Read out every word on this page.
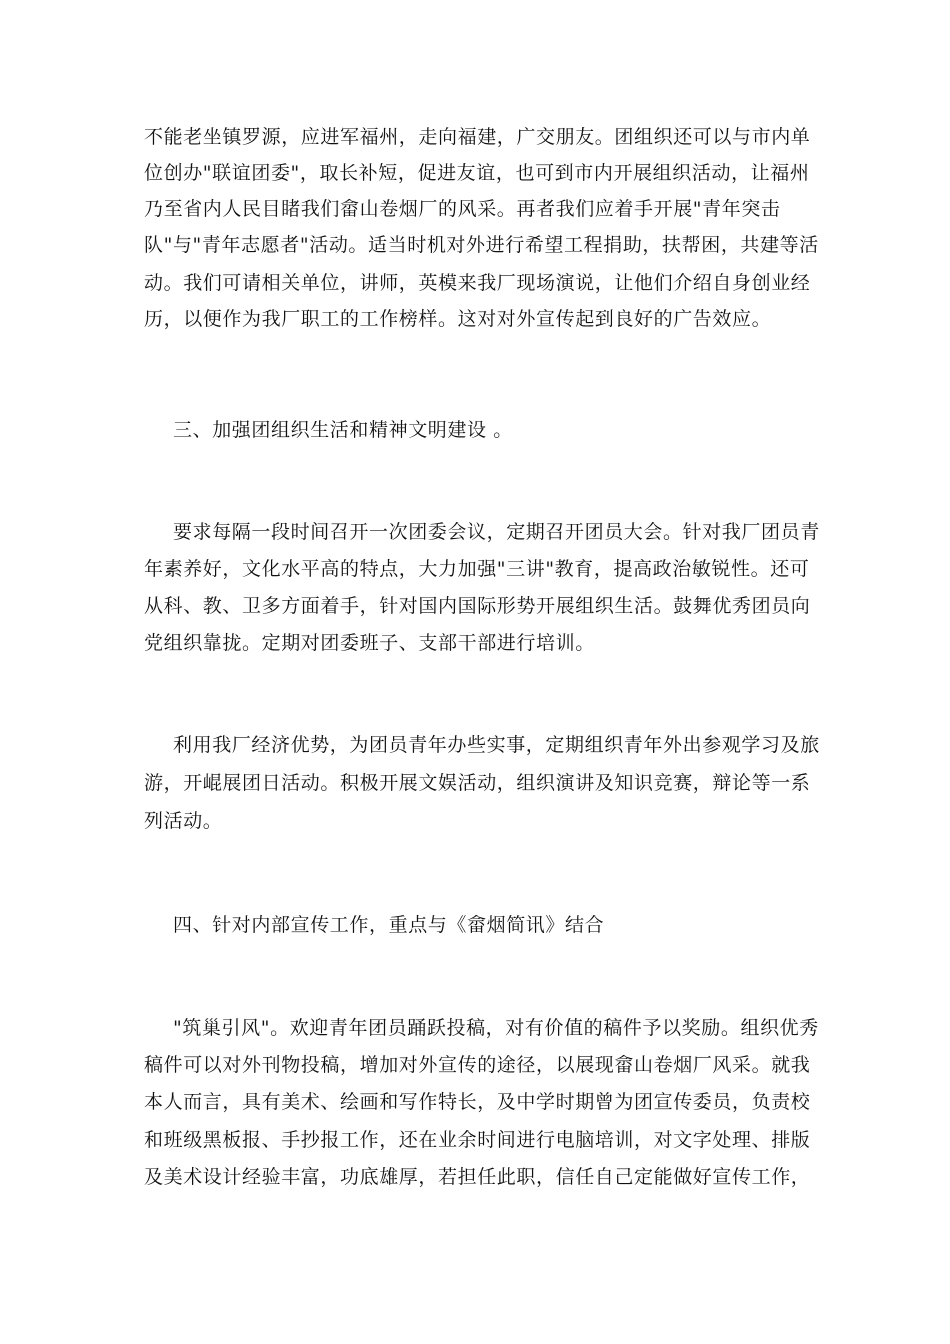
不能老坐镇罗源，应进军福州，走向福建，广交朋友。团组织还可以与市内单
位创办"联谊团委"，取长补短，促进友谊，也可到市内开展组织活动，让福州
乃至省内人民目睹我们畲山卷烟厂的风采。再者我们应着手开展"青年突击
队"与"青年志愿者"活动。适当时机对外进行希望工程捐助，扶帮困，共建等活
动。我们可请相关单位，讲师，英模来我厂现场演说，让他们介绍自身创业经
历，以便作为我厂职工的工作榜样。这对对外宣传起到良好的广告效应。
三、加强团组织生活和精神文明建设 。
要求每隔一段时间召开一次团委会议，定期召开团员大会。针对我厂团员青
年素养好，文化水平高的特点，大力加强"三讲"教育，提高政治敏锐性。还可
从科、教、卫多方面着手，针对国内国际形势开展组织生活。鼓舞优秀团员向
党组织靠拢。定期对团委班子、支部干部进行培训。
利用我厂经济优势，为团员青年办些实事，定期组织青年外出参观学习及旅
游，开崐展团日活动。积极开展文娱活动，组织演讲及知识竞赛，辩论等一系
列活动。
四、针对内部宣传工作，重点与《畲烟简讯》结合
"筑巢引风"。欢迎青年团员踊跃投稿，对有价值的稿件予以奖励。组织优秀
稿件可以对外刊物投稿，增加对外宣传的途径，以展现畲山卷烟厂风采。就我
本人而言，具有美术、绘画和写作特长，及中学时期曾为团宣传委员，负责校
和班级黑板报、手抄报工作，还在业余时间进行电脑培训，对文字处理、排版
及美术设计经验丰富，功底雄厚，若担任此职，信任自己定能做好宣传工作，
